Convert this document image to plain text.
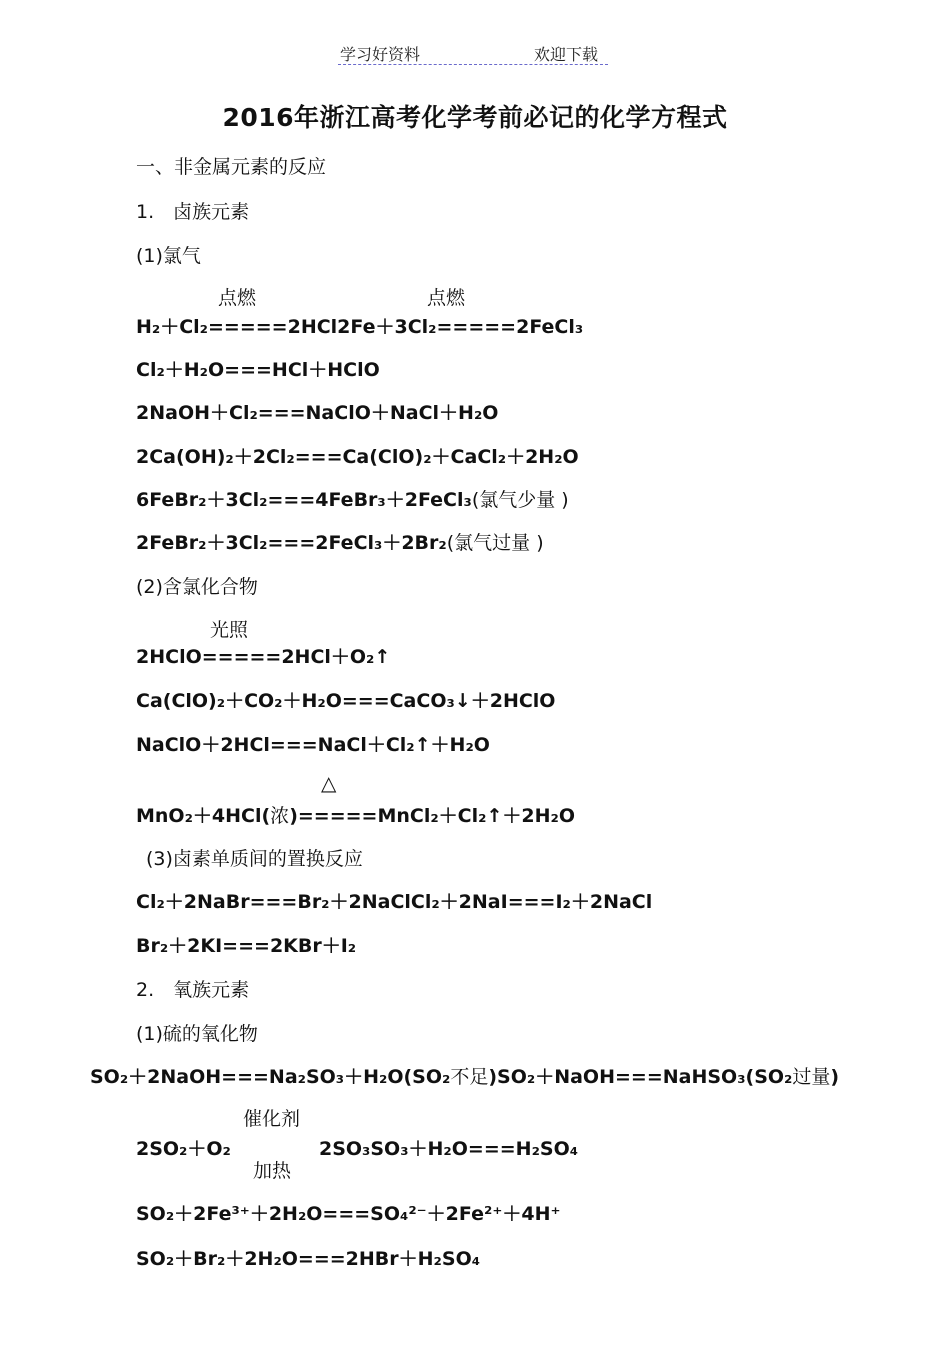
学习好资料	欢迎下载
2016年浙江高考化学考前必记的化学方程式
一、非金属元素的反应
1.　卤族元素
(1)氯气
点燃	点燃
H₂＋Cl₂=====2HCl2Fe＋3Cl₂=====2FeCl₃
Cl₂＋H₂O===HCl＋HClO
2NaOH＋Cl₂===NaClO＋NaCl＋H₂O
2Ca(OH)₂＋2Cl₂===Ca(ClO)₂＋CaCl₂＋2H₂O
6FeBr₂＋3Cl₂===4FeBr₃＋2FeCl₃(氯气少量 )
2FeBr₂＋3Cl₂===2FeCl₃＋2Br₂(氯气过量 )
(2)含氯化合物
光照
2HClO=====2HCl＋O₂↑
Ca(ClO)₂＋CO₂＋H₂O===CaCO₃↓＋2HClO
NaClO＋2HCl===NaCl＋Cl₂↑＋H₂O
△
MnO₂＋4HCl(浓)=====MnCl₂＋Cl₂↑＋2H₂O
(3)卤素单质间的置换反应
Cl₂＋2NaBr===Br₂＋2NaClCl₂＋2NaI===I₂＋2NaCl
Br₂＋2KI===2KBr＋I₂
2.　氧族元素
(1)硫的氧化物
SO₂＋2NaOH===Na₂SO₃＋H₂O(SO₂不足)SO₂＋NaOH===NaHSO₃(SO₂过量)
催化剂
2SO₂＋O₂	2SO₃SO₃＋H₂O===H₂SO₄
加热
SO₂＋2Fe³⁺＋2H₂O===SO₄²⁻＋2Fe²⁺＋4H⁺
SO₂＋Br₂＋2H₂O===2HBr＋H₂SO₄
